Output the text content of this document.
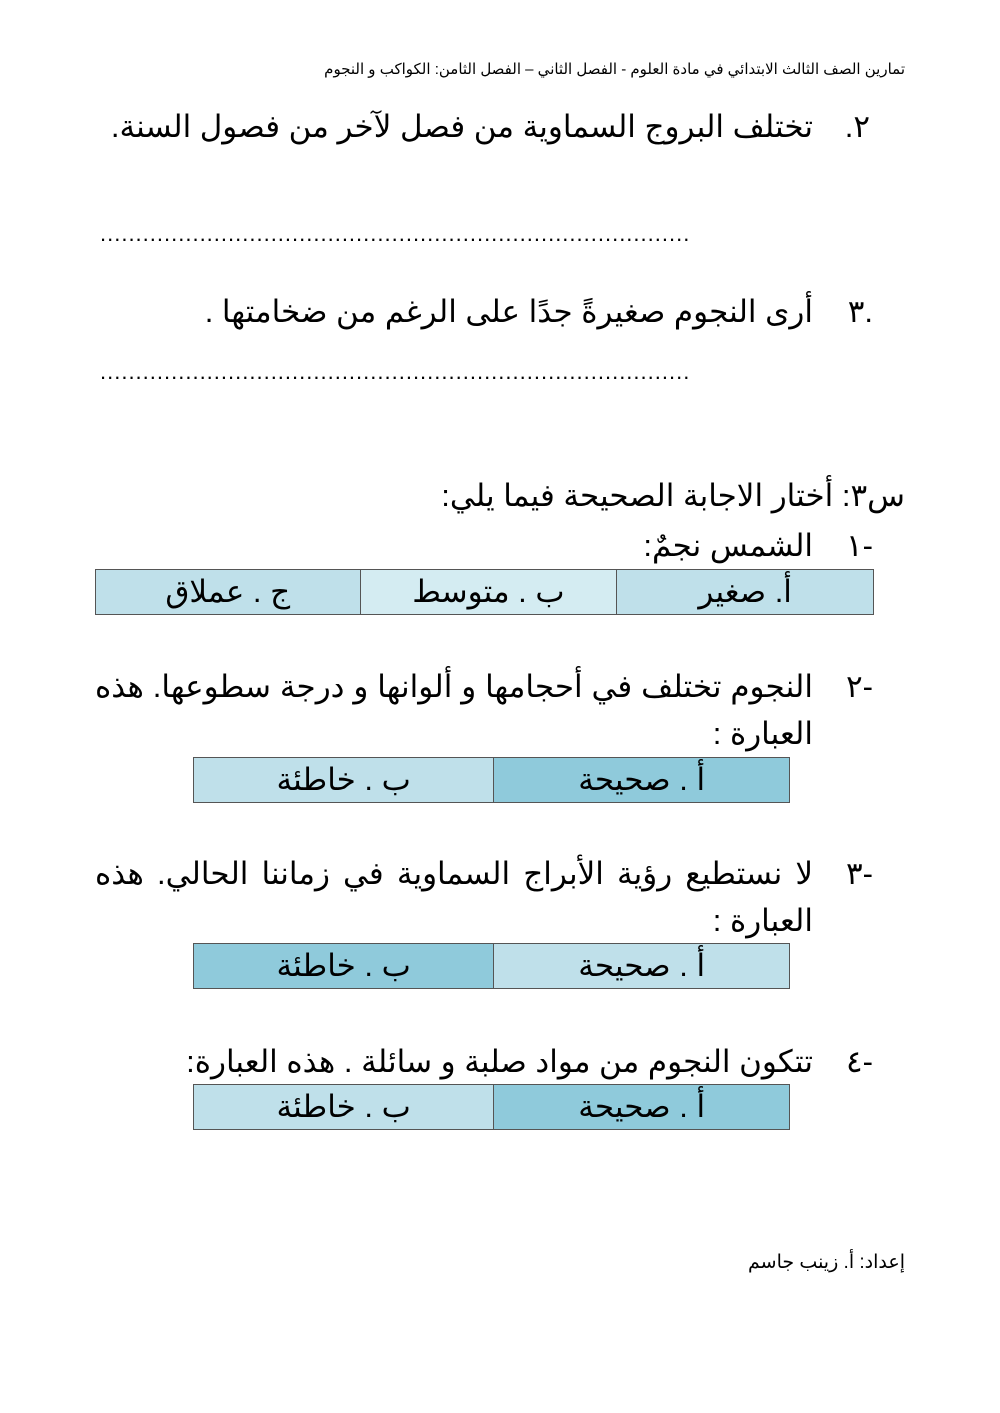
تمارين الصف الثالث الابتدائي في مادة العلوم - الفصل الثاني – الفصل الثامن: الكواكب و النجوم
٢.
تختلف البروج السماوية من فصل لآخر من فصول السنة.
...................................................................................
٣.
أرى النجوم صغيرةً جدًا على الرغم من ضخامتها .
...................................................................................
س٣: أختار الاجابة الصحيحة فيما يلي:
١-
الشمس نجمٌ:
أ. صغير	ب . متوسط	ج . عملاق
٢-
النجوم تختلف في أحجامها و ألوانها و درجة سطوعها. هذه العبارة :
أ . صحيحة	ب . خاطئة
٣-
لا نستطيع رؤية الأبراج السماوية في زماننا الحالي. هذه العبارة :
أ . صحيحة	ب . خاطئة
٤-
تتكون النجوم من مواد صلبة و سائلة . هذه العبارة:
أ . صحيحة	ب . خاطئة
إعداد: أ. زينب جاسم
